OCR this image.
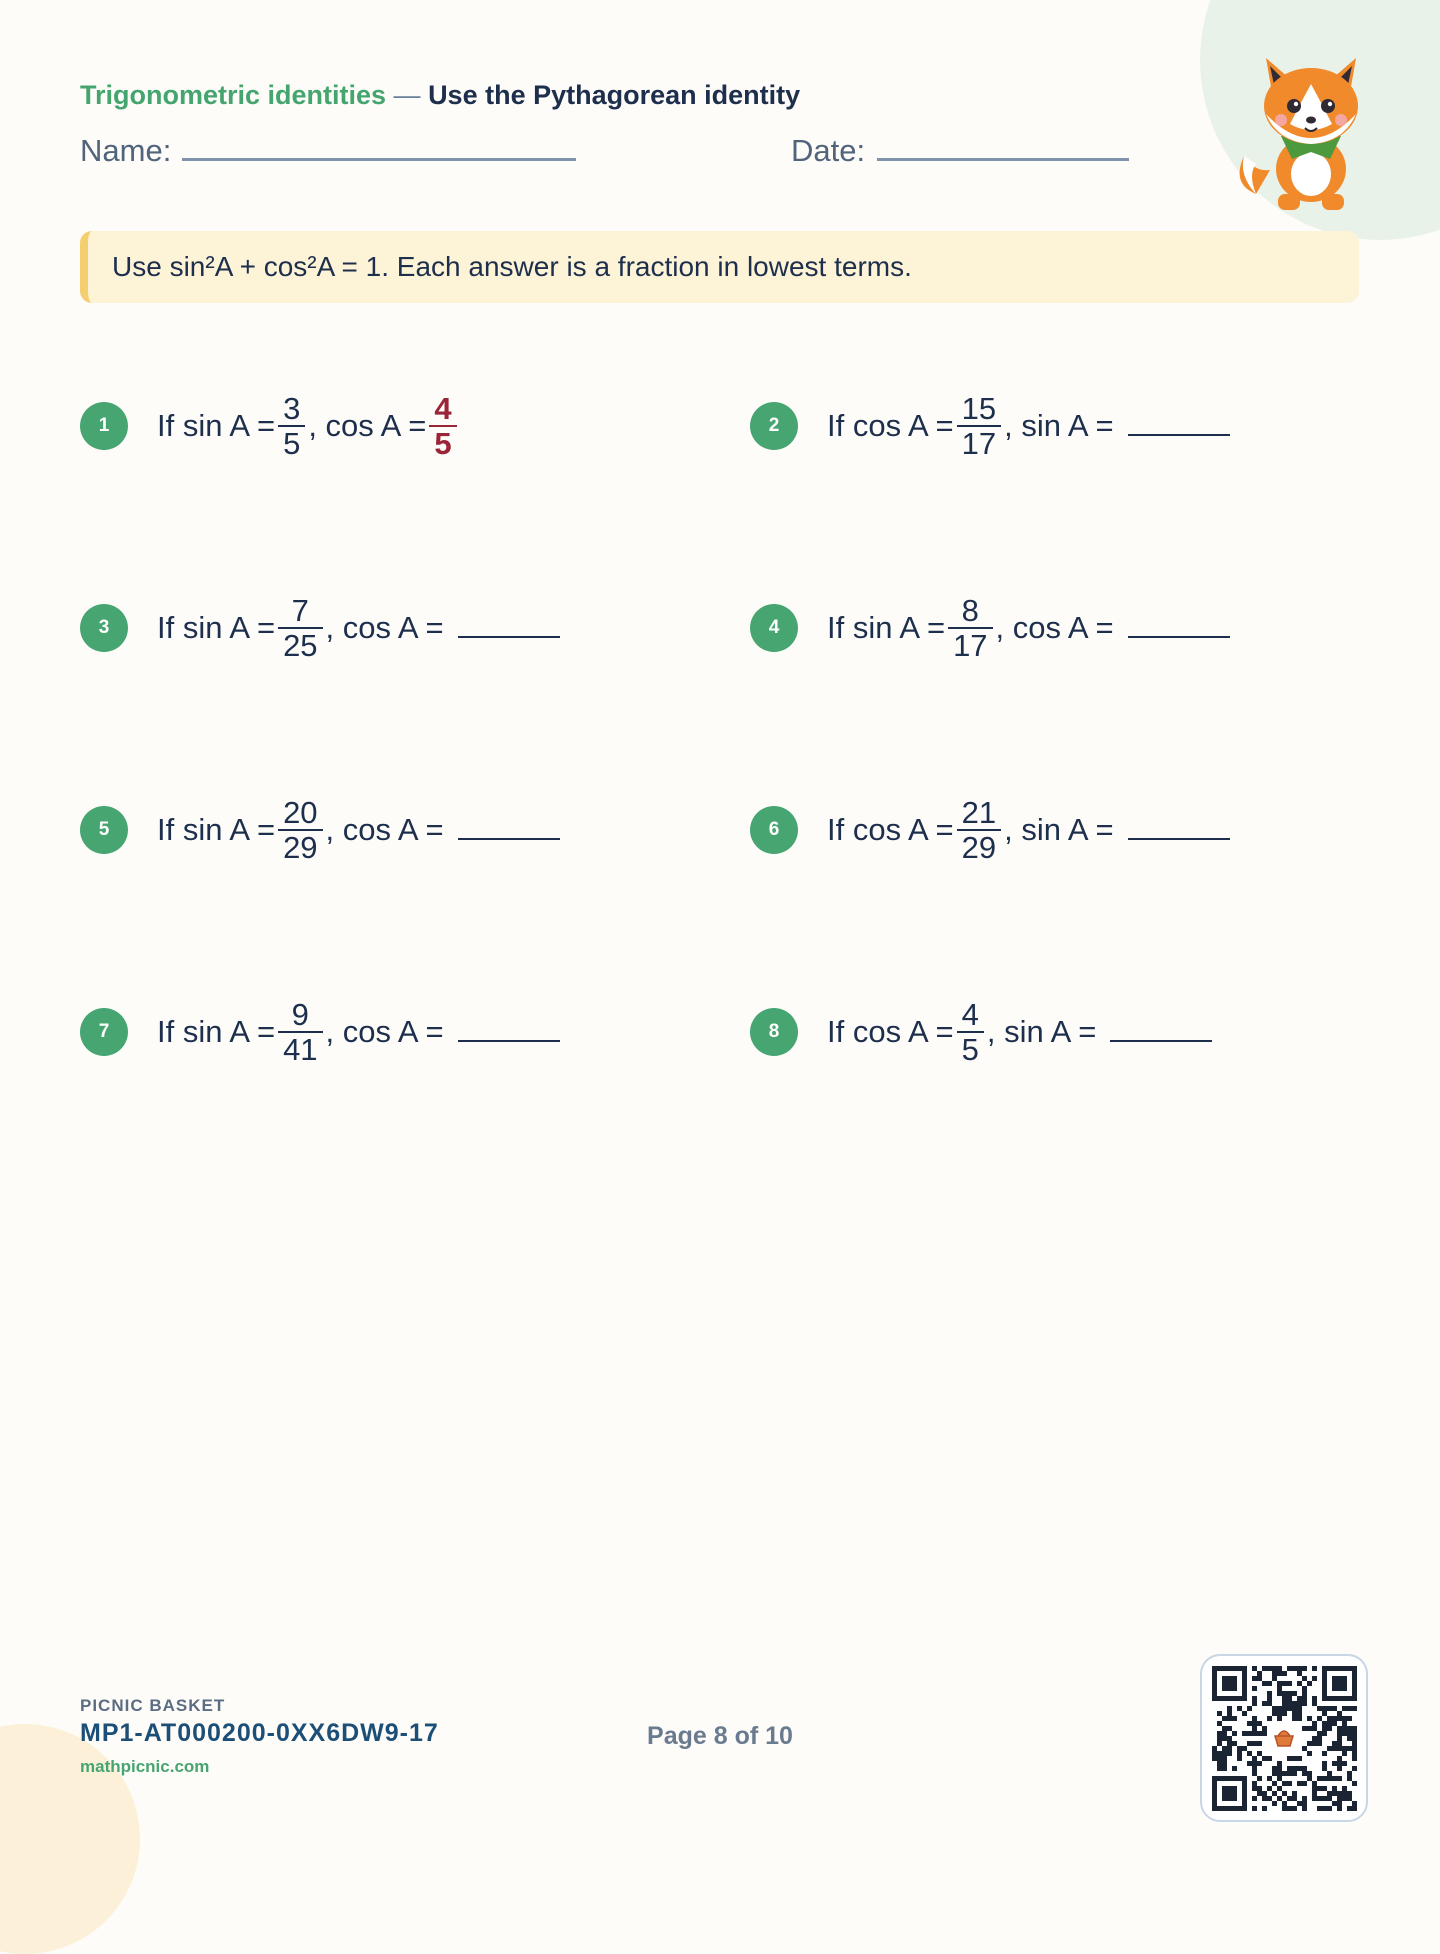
Trigonometric identities — Use the Pythagorean identity
Name:	Date:
Use sin²A + cos²A = 1. Each answer is a fraction in lowest terms.
1	If $\sin A = \frac{3}{5}$ , $\cos A = \frac{4}{5}$	2	If $\cos A = \frac{15}{17}$ , sin A =
3	If $\sin A = \frac{7}{25}$ , cos A =	4	If $\sin A = \frac{8}{17}$ , cos A =
5	If $\sin A = \frac{20}{29}$ , cos A =	6	If $\cos A = \frac{21}{29}$ , sin A =
7	If $\sin A = \frac{9}{41}$ , cos A =	8	If $\cos A = \frac{4}{5}$ , sin A =
PICNIC BASKET
MP1-AT000200-0XX6DW9-17
mathpicnic.com
Page 8 of 10
